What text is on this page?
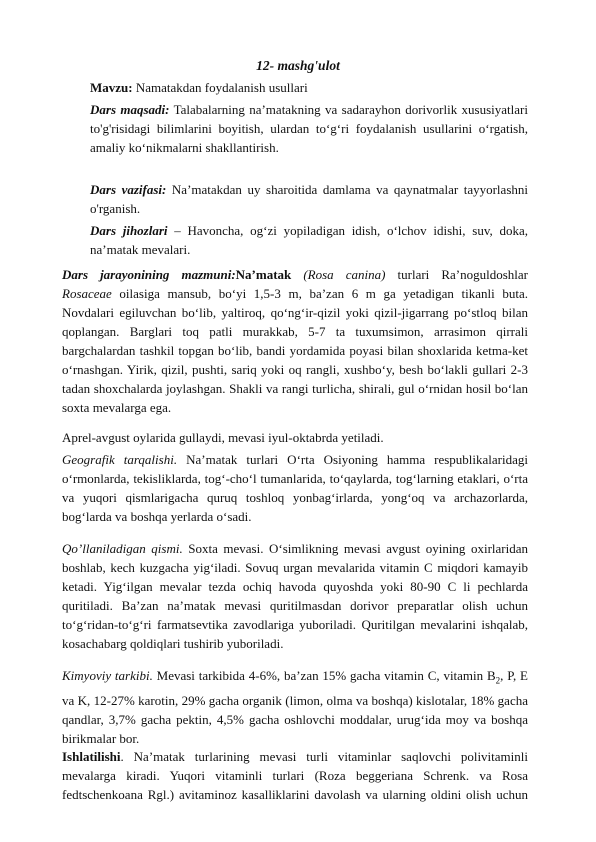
12- mashg'ulot
Mavzu: Namatakdan foydalanish usullari
Dars maqsadi: Talabalarning na’matakning va sadarayhon dorivorlik xususiyatlari to'g'risidagi bilimlarini boyitish, ulardan to‘g‘ri foydalanish usullarini o‘rgatish, amaliy ko‘nikmalarni shakllantirish.
Dars vazifasi: Na’matakdan uy sharoitida damlama va qaynatmalar tayyorlashni o'rganish.
Dars jihozlari – Havoncha, og‘zi yopiladigan idish, o‘lchov idishi, suv, doka, na’matak mevalari.
Dars jarayonining mazmuni:Na’matak (Rosa canina) turlari Ra’noguldoshlar Rosaceae oilasiga mansub, bo‘yi 1,5-3 m, ba’zan 6 m ga yetadigan tikanli buta. Novdalari egiluvchan bo‘lib, yaltiroq, qo‘ng‘ir-qizil yoki qizil-jigarrang po‘stloq bilan qoplangan. Barglari toq patli murakkab, 5-7 ta tuxumsimon, arrasimon qirrali bargchalardan tashkil topgan bo‘lib, bandi yordamida poyasi bilan shoxlarida ketma-ket o‘rnashgan. Yirik, qizil, pushti, sariq yoki oq rangli, xushbo‘y, besh bo‘lakli gullari 2-3 tadan shoxchalarda joylashgan. Shakli va rangi turlicha, shirali, gul o‘rnidan hosil bo‘lan soxta mevalarga ega.
Aprel-avgust oylarida gullaydi, mevasi iyul-oktabrda yetiladi.
Geografik tarqalishi. Na’matak turlari O‘rta Osiyoning hamma respublikalaridagi o‘rmonlarda, tekisliklarda, tog‘-cho‘l tumanlarida, to‘qaylarda, tog‘larning etaklari, o‘rta va yuqori qismlarigacha quruq toshloq yonbag‘irlarda, yong‘oq va archazorlarda, bog‘larda va boshqa yerlarda o‘sadi.
Qo’llaniladigan qismi. Soxta mevasi. O‘simlikning mevasi avgust oyining oxirlaridan boshlab, kech kuzgacha yig‘iladi. Sovuq urgan mevalarida vitamin C miqdori kamayib ketadi. Yig‘ilgan mevalar tezda ochiq havoda quyoshda yoki 80-90 C li pechlarda quritiladi. Ba’zan na’matak mevasi quritilmasdan dorivor preparatlar olish uchun to‘g‘ridan-to‘g‘ri farmatsevtika zavodlariga yuboriladi. Quritilgan mevalarini ishqalab, kosachabarg qoldiqlari tushirib yuboriladi.
Kimyoviy tarkibi. Mevasi tarkibida 4-6%, ba’zan 15% gacha vitamin C, vitamin $B_2$, P, E va K, 12-27% karotin, 29% gacha organik (limon, olma va boshqa) kislotalar, 18% gacha qandlar, 3,7% gacha pektin, 4,5% gacha oshlovchi moddalar, urug‘ida moy va boshqa birikmalar bor.
Ishlatilishi. Na’matak turlarining mevasi turli vitaminlar saqlovchi polivitaminli mevalarga kiradi. Yuqori vitaminli turlari (Roza beggeriana Schrenk. va Rosa fedtschenkoana Rgl.) avitaminoz kasalliklarini davolash va ularning oldini olish uchun
